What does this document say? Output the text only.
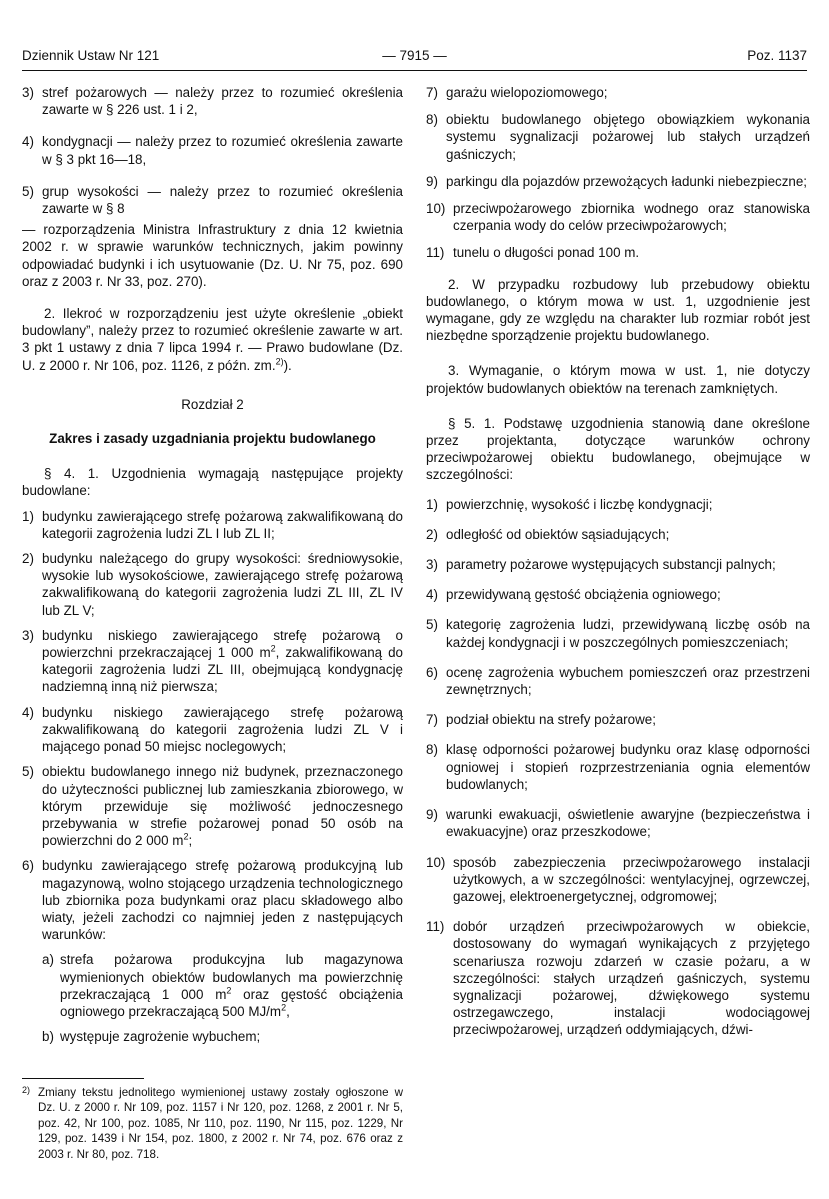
Dziennik Ustaw Nr 121	— 7915 —	Poz. 1137
3) stref pożarowych — należy przez to rozumieć określenia zawarte w § 226 ust. 1 i 2,
4) kondygnacji — należy przez to rozumieć określenia zawarte w § 3 pkt 16—18,
5) grup wysokości — należy przez to rozumieć określenia zawarte w § 8
— rozporządzenia Ministra Infrastruktury z dnia 12 kwietnia 2002 r. w sprawie warunków technicznych, jakim powinny odpowiadać budynki i ich usytuowanie (Dz. U. Nr 75, poz. 690 oraz z 2003 r. Nr 33, poz. 270).
2. Ilekroć w rozporządzeniu jest użyte określenie „obiekt budowlany”, należy przez to rozumieć określenie zawarte w art. 3 pkt 1 ustawy z dnia 7 lipca 1994 r. — Prawo budowlane (Dz. U. z 2000 r. Nr 106, poz. 1126, z późn. zm.$^{2)}$).
Rozdział 2
Zakres i zasady uzgadniania projektu budowlanego
§ 4. 1. Uzgodnienia wymagają następujące projekty budowlane:
1) budynku zawierającego strefę pożarową zakwalifikowaną do kategorii zagrożenia ludzi ZL I lub ZL II;
2) budynku należącego do grupy wysokości: średniowysokie, wysokie lub wysokościowe, zawierającego strefę pożarową zakwalifikowaną do kategorii zagrożenia ludzi ZL III, ZL IV lub ZL V;
3) budynku niskiego zawierającego strefę pożarową o powierzchni przekraczającej 1 000 $m^2$, zakwalifikowaną do kategorii zagrożenia ludzi ZL III, obejmującą kondygnację nadziemną inną niż pierwsza;
4) budynku niskiego zawierającego strefę pożarową zakwalifikowaną do kategorii zagrożenia ludzi ZL V i mającego ponad 50 miejsc noclegowych;
5) obiektu budowlanego innego niż budynek, przeznaczonego do użyteczności publicznej lub zamieszkania zbiorowego, w którym przewiduje się możliwość jednoczesnego przebywania w strefie pożarowej ponad 50 osób na powierzchni do 2 000 $m^2$;
6) budynku zawierającego strefę pożarową produkcyjną lub magazynową, wolno stojącego urządzenia technologicznego lub zbiornika poza budynkami oraz placu składowego albo wiaty, jeżeli zachodzi co najmniej jeden z następujących warunków:
a) strefa pożarowa produkcyjna lub magazynowa wymienionych obiektów budowlanych ma powierzchnię przekraczającą 1 000 $m^2$ oraz gęstość obciążenia ogniowego przekraczającą 500 $MJ/m^2$,
b) występuje zagrożenie wybuchem;
2) Zmiany tekstu jednolitego wymienionej ustawy zostały ogłoszone w Dz. U. z 2000 r. Nr 109, poz. 1157 i Nr 120, poz. 1268, z 2001 r. Nr 5, poz. 42, Nr 100, poz. 1085, Nr 110, poz. 1190, Nr 115, poz. 1229, Nr 129, poz. 1439 i Nr 154, poz. 1800, z 2002 r. Nr 74, poz. 676 oraz z 2003 r. Nr 80, poz. 718.
7) garażu wielopoziomowego;
8) obiektu budowlanego objętego obowiązkiem wykonania systemu sygnalizacji pożarowej lub stałych urządzeń gaśniczych;
9) parkingu dla pojazdów przewożących ładunki niebezpieczne;
10) przeciwpożarowego zbiornika wodnego oraz stanowiska czerpania wody do celów przeciwpożarowych;
11) tunelu o długości ponad 100 m.
2. W przypadku rozbudowy lub przebudowy obiektu budowlanego, o którym mowa w ust. 1, uzgodnienie jest wymagane, gdy ze względu na charakter lub rozmiar robót jest niezbędne sporządzenie projektu budowlanego.
3. Wymaganie, o którym mowa w ust. 1, nie dotyczy projektów budowlanych obiektów na terenach zamkniętych.
§ 5. 1. Podstawę uzgodnienia stanowią dane określone przez projektanta, dotyczące warunków ochrony przeciwpożarowej obiektu budowlanego, obejmujące w szczególności:
1) powierzchnię, wysokość i liczbę kondygnacji;
2) odległość od obiektów sąsiadujących;
3) parametry pożarowe występujących substancji palnych;
4) przewidywaną gęstość obciążenia ogniowego;
5) kategorię zagrożenia ludzi, przewidywaną liczbę osób na każdej kondygnacji i w poszczególnych pomieszczeniach;
6) ocenę zagrożenia wybuchem pomieszczeń oraz przestrzeni zewnętrznych;
7) podział obiektu na strefy pożarowe;
8) klasę odporności pożarowej budynku oraz klasę odporności ogniowej i stopień rozprzestrzeniania ognia elementów budowlanych;
9) warunki ewakuacji, oświetlenie awaryjne (bezpieczeństwa i ewakuacyjne) oraz przeszkodowe;
10) sposób zabezpieczenia przeciwpożarowego instalacji użytkowych, a w szczególności: wentylacyjnej, ogrzewczej, gazowej, elektroenergetycznej, odgromowej;
11) dobór urządzeń przeciwpożarowych w obiekcie, dostosowany do wymagań wynikających z przyjętego scenariusza rozwoju zdarzeń w czasie pożaru, a w szczególności: stałych urządzeń gaśniczych, systemu sygnalizacji pożarowej, dźwiękowego systemu ostrzegawczego, instalacji wodociągowej przeciwpożarowej, urządzeń oddymiających, dźwi-
